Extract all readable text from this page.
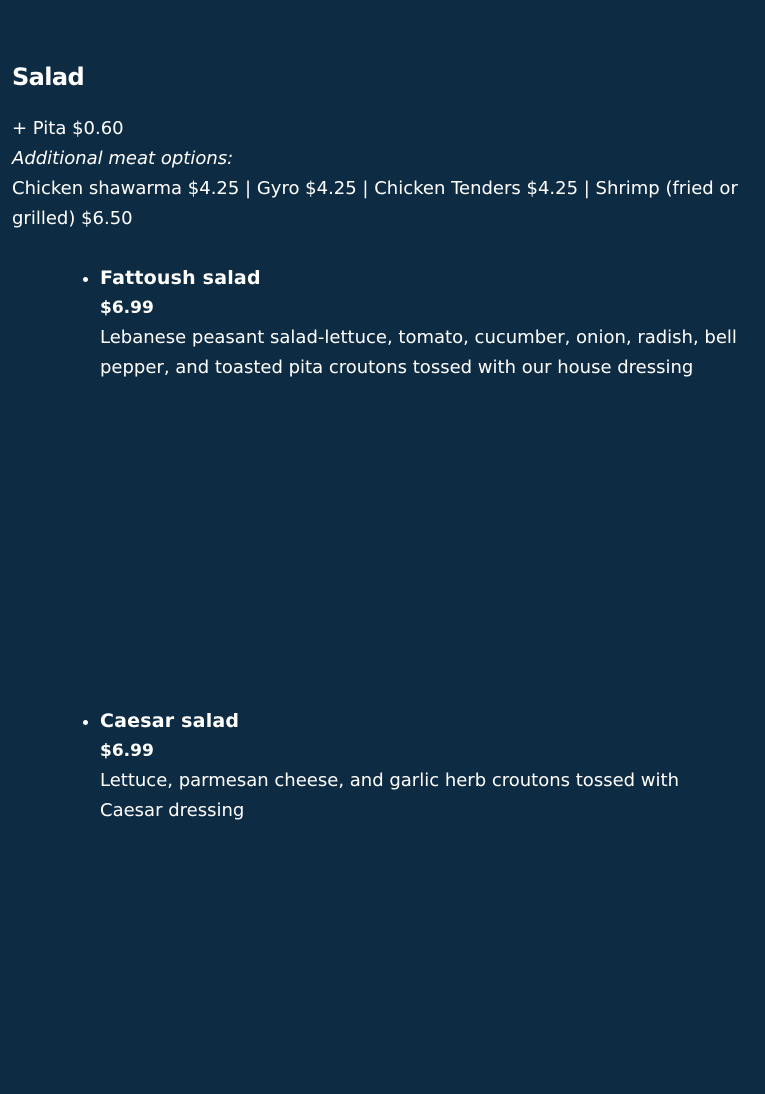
Salad

+ Pita $0.60

Additional meat options:

Chicken shawarma $4.25 | Gyro $4.25 | Chicken Tenders $4.25 | Shrimp (fried or grilled) $6.50

• Fattoush salad
$6.99
Lebanese peasant salad-lettuce, tomato, cucumber, onion, radish, bell pepper, and toasted pita croutons tossed with our house dressing
• Caesar salad
$6.99
Lettuce, parmesan cheese, and garlic herb croutons tossed with Caesar dressing
